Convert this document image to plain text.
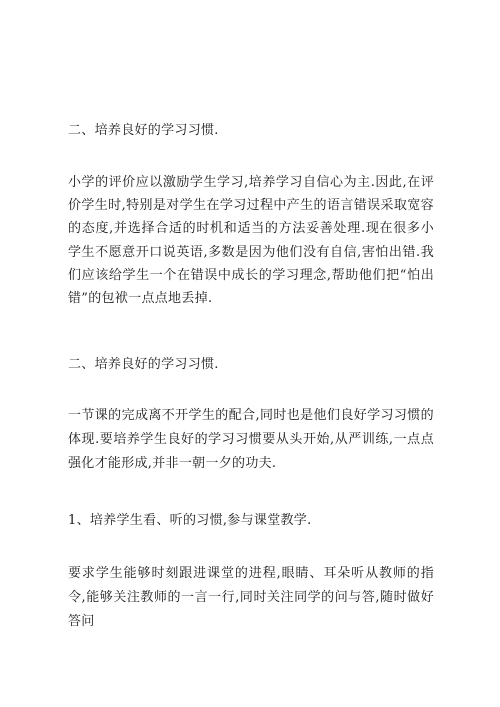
二、培养良好的学习习惯.
小学的评价应以激励学生学习,培养学习自信心为主.因此,在评价学生时,特别是对学生在学习过程中产生的语言错误采取宽容的态度,并选择合适的时机和适当的方法妥善处理.现在很多小学生不愿意开口说英语,多数是因为他们没有自信,害怕出错.我们应该给学生一个在错误中成长的学习理念,帮助他们把“怕出错”的包袱一点点地丢掉.
二、培养良好的学习习惯.
一节课的完成离不开学生的配合,同时也是他们良好学习习惯的体现.要培养学生良好的学习习惯要从头开始,从严训练,一点点强化才能形成,并非一朝一夕的功夫.
1、培养学生看、听的习惯,参与课堂教学.
要求学生能够时刻跟进课堂的进程,眼睛、耳朵听从教师的指令,能够关注教师的一言一行,同时关注同学的问与答,随时做好答问
